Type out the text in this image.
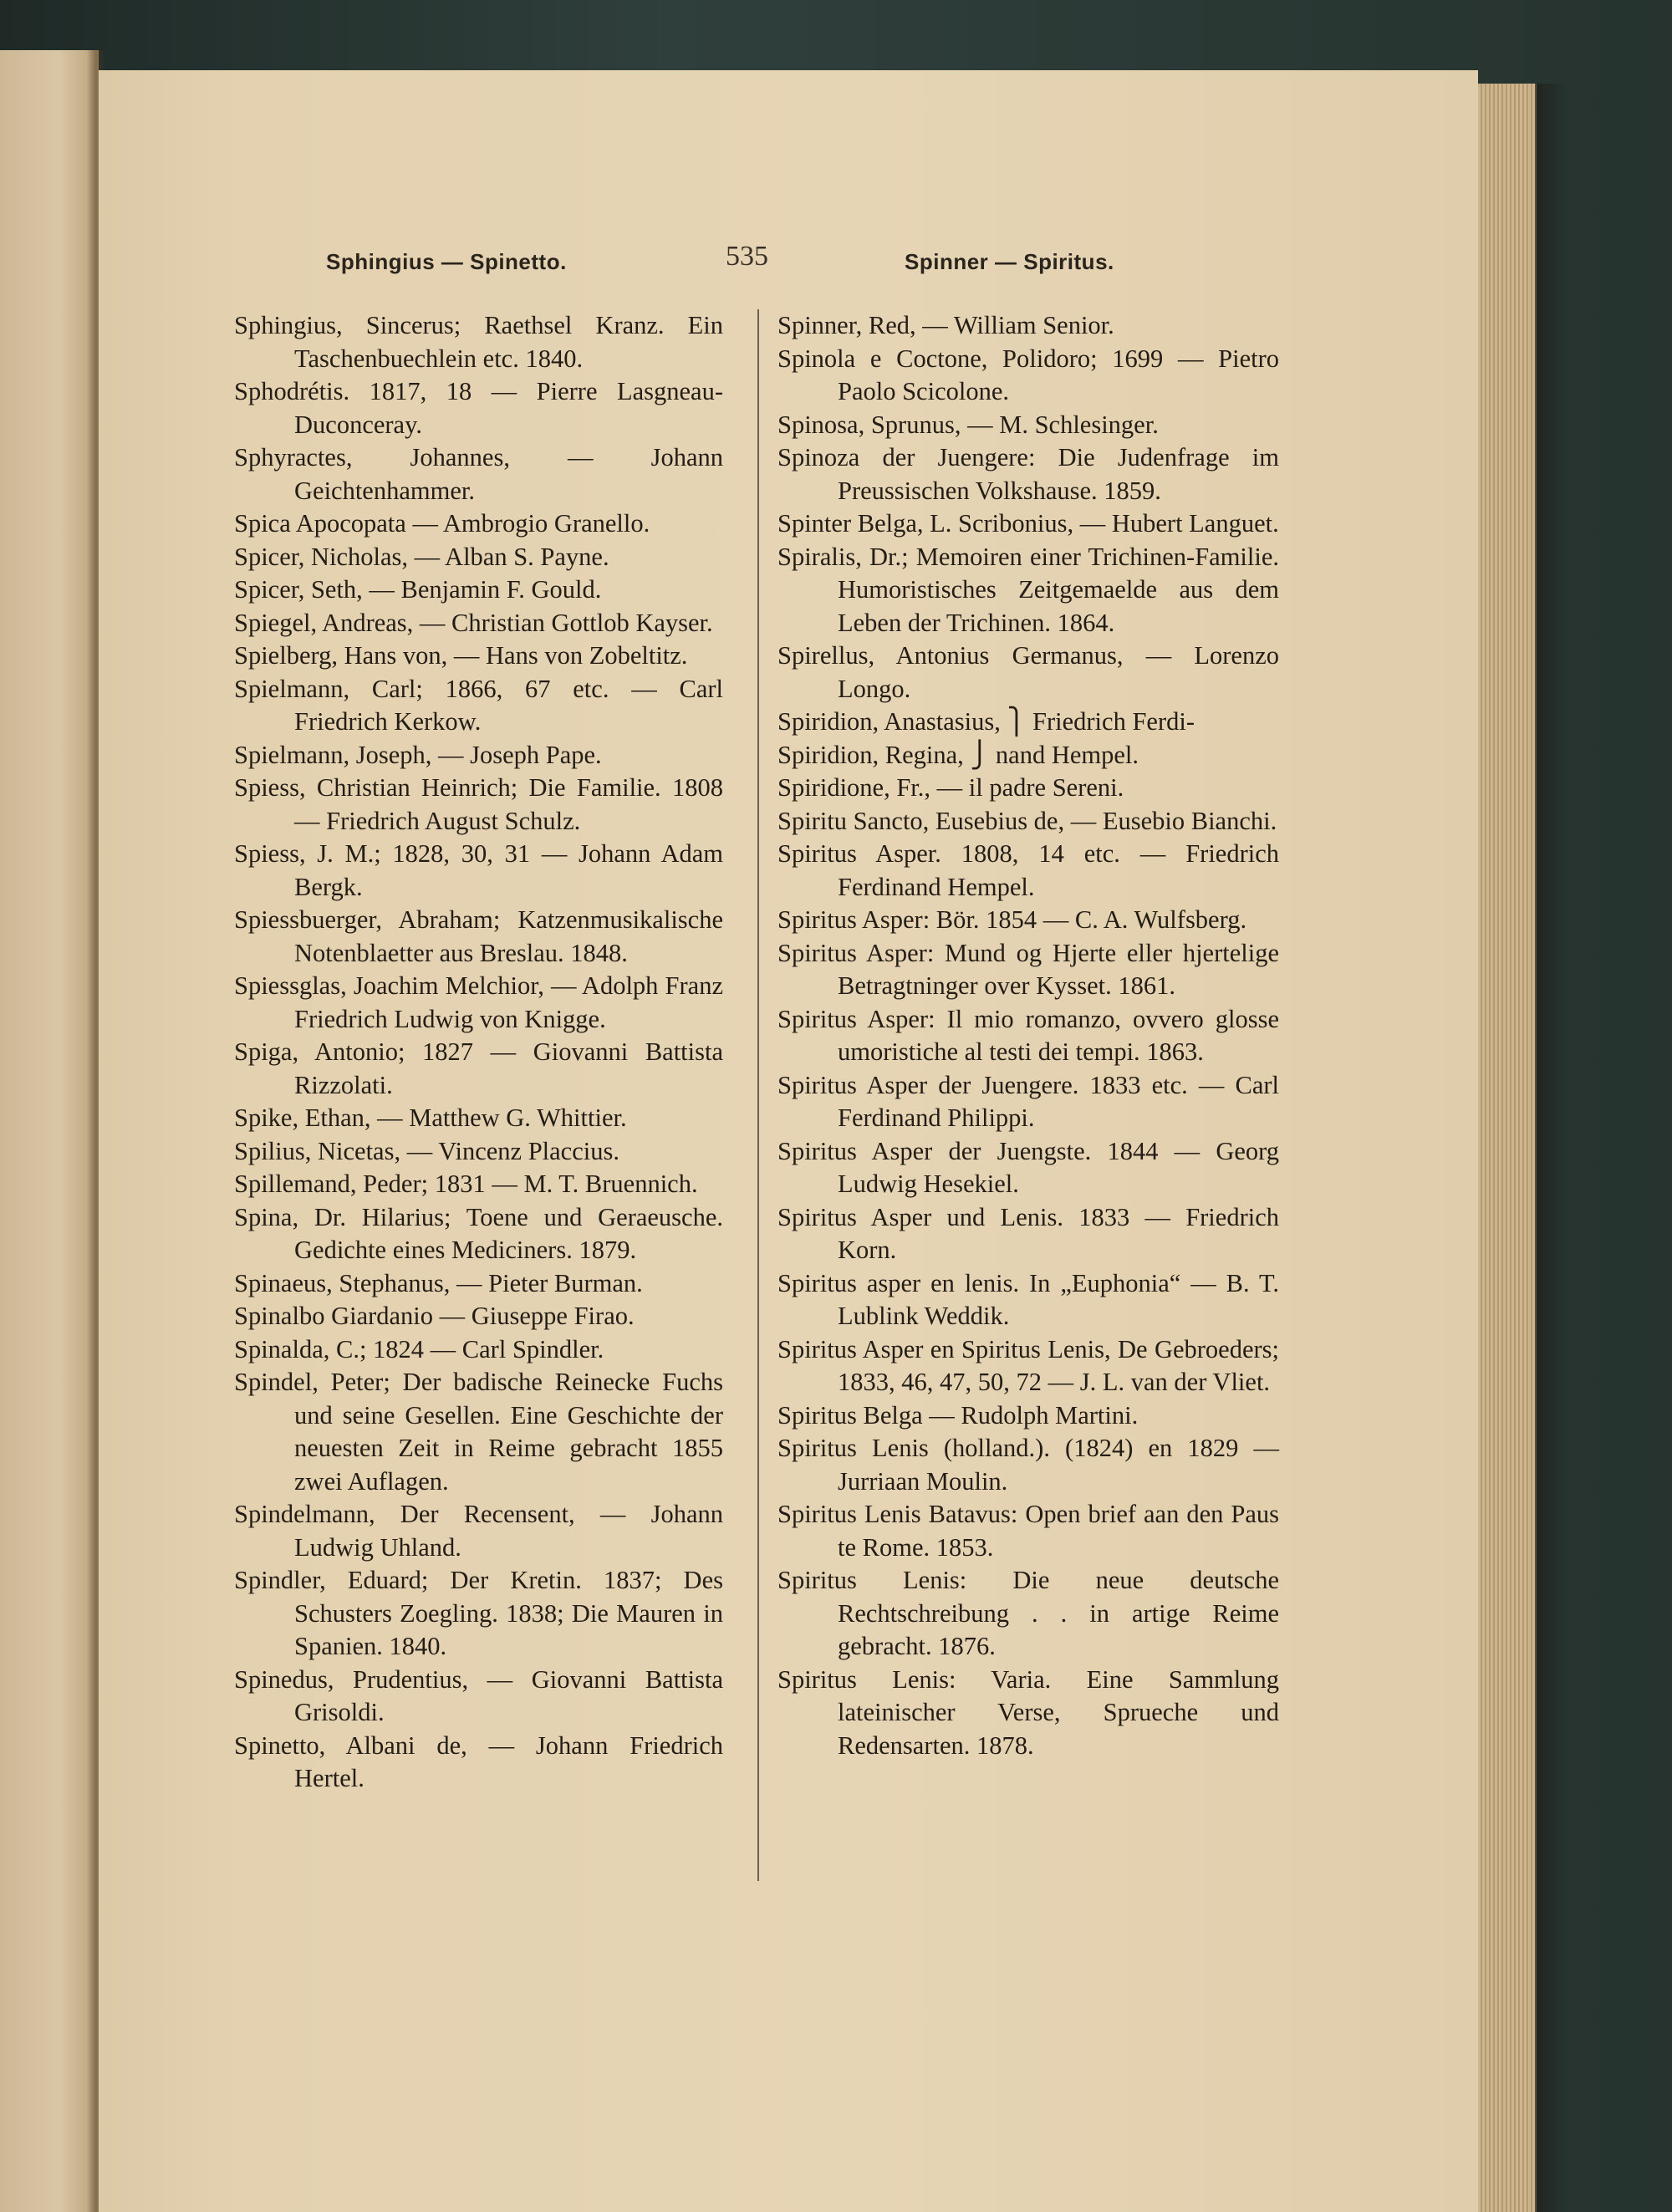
Sphingius — Spinetto.	535	Spinner — Spiritus.

Sphingius, Sincerus; Raethsel Kranz. Ein Taschenbuechlein etc. 1840.

Sphodrétis. 1817, 18 — Pierre Lasgneau-Duconceray.

Sphyractes, Johannes, — Johann Geichtenhammer.

Spica Apocopata — Ambrogio Granello.

Spicer, Nicholas, — Alban S. Payne.

Spicer, Seth, — Benjamin F. Gould.

Spiegel, Andreas, — Christian Gottlob Kayser.

Spielberg, Hans von, — Hans von Zobeltitz.

Spielmann, Carl; 1866, 67 etc. — Carl Friedrich Kerkow.

Spielmann, Joseph, — Joseph Pape.

Spiess, Christian Heinrich; Die Familie. 1808 — Friedrich August Schulz.

Spiess, J. M.; 1828, 30, 31 — Johann Adam Bergk.

Spiessbuerger, Abraham; Katzenmusikalische Notenblaetter aus Breslau. 1848.

Spiessglas, Joachim Melchior, — Adolph Franz Friedrich Ludwig von Knigge.

Spiga, Antonio; 1827 — Giovanni Battista Rizzolati.

Spike, Ethan, — Matthew G. Whittier.

Spilius, Nicetas, — Vincenz Placcius.

Spillemand, Peder; 1831 — M. T. Bruennich.

Spina, Dr. Hilarius; Toene und Geraeusche. Gedichte eines Mediciners. 1879.

Spinaeus, Stephanus, — Pieter Burman.

Spinalbo Giardanio — Giuseppe Firao.

Spinalda, C.; 1824 — Carl Spindler.

Spindel, Peter; Der badische Reinecke Fuchs und seine Gesellen. Eine Geschichte der neuesten Zeit in Reime gebracht 1855 zwei Auflagen.

Spindelmann, Der Recensent, — Johann Ludwig Uhland.

Spindler, Eduard; Der Kretin. 1837; Des Schusters Zoegling. 1838; Die Mauren in Spanien. 1840.

Spinedus, Prudentius, — Giovanni Battista Grisoldi.

Spinetto, Albani de, — Johann Friedrich Hertel.

Spinner, Red, — William Senior.

Spinola e Coctone, Polidoro; 1699 — Pietro Paolo Scicolone.

Spinosa, Sprunus, — M. Schlesinger.

Spinoza der Juengere: Die Judenfrage im Preussischen Volkshause. 1859.

Spinter Belga, L. Scribonius, — Hubert Languet.

Spiralis, Dr.; Memoiren einer Trichinen-Familie. Humoristisches Zeitgemaelde aus dem Leben der Trichinen. 1864.

Spirellus, Antonius Germanus, — Lorenzo Longo.

Spiridion, Anastasius, ⎫ Friedrich Ferdi-

Spiridion, Regina, ⎭ nand Hempel.

Spiridione, Fr., — il padre Sereni.

Spiritu Sancto, Eusebius de, — Eusebio Bianchi.

Spiritus Asper. 1808, 14 etc. — Friedrich Ferdinand Hempel.

Spiritus Asper: Bör. 1854 — C. A. Wulfsberg.

Spiritus Asper: Mund og Hjerte eller hjertelige Betragtninger over Kysset. 1861.

Spiritus Asper: Il mio romanzo, ovvero glosse umoristiche al testi dei tempi. 1863.

Spiritus Asper der Juengere. 1833 etc. — Carl Ferdinand Philippi.

Spiritus Asper der Juengste. 1844 — Georg Ludwig Hesekiel.

Spiritus Asper und Lenis. 1833 — Friedrich Korn.

Spiritus asper en lenis. In „Euphonia“ — B. T. Lublink Weddik.

Spiritus Asper en Spiritus Lenis, De Gebroeders; 1833, 46, 47, 50, 72 — J. L. van der Vliet.

Spiritus Belga — Rudolph Martini.

Spiritus Lenis (holland.). (1824) en 1829 — Jurriaan Moulin.

Spiritus Lenis Batavus: Open brief aan den Paus te Rome. 1853.

Spiritus Lenis: Die neue deutsche Rechtschreibung . . in artige Reime gebracht. 1876.

Spiritus Lenis: Varia. Eine Sammlung lateinischer Verse, Sprueche und Redensarten. 1878.
